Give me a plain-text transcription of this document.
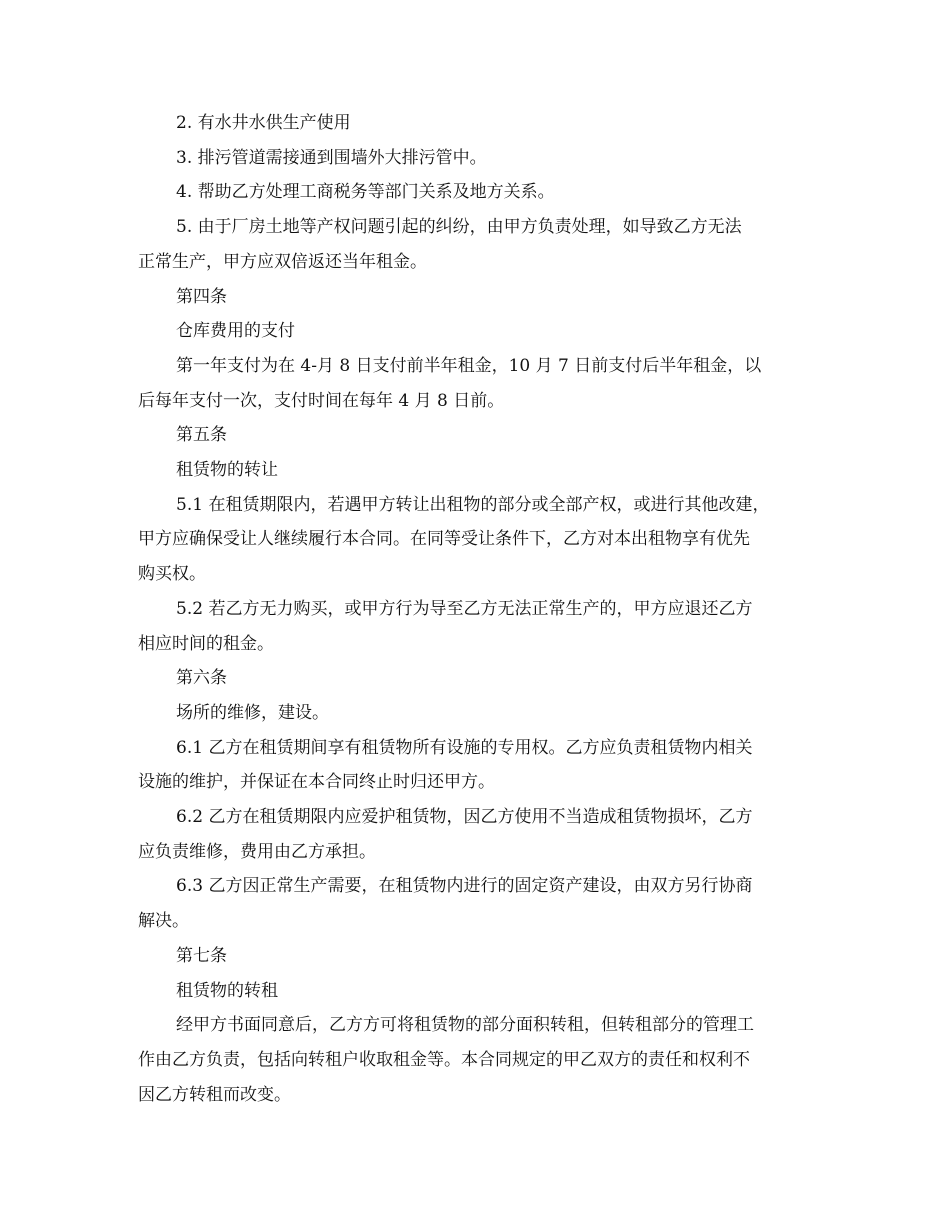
2. 有水井水供生产使用
3. 排污管道需接通到围墙外大排污管中。
4. 帮助乙方处理工商税务等部门关系及地方关系。
5. 由于厂房土地等产权问题引起的纠纷，由甲方负责处理，如导致乙方无法
正常生产，甲方应双倍返还当年租金。
第四条
仓库费用的支付
第一年支付为在 4-月 8 日支付前半年租金，10 月 7 日前支付后半年租金，以
后每年支付一次，支付时间在每年 4 月 8 日前。
第五条
租赁物的转让
5.1 在租赁期限内，若遇甲方转让出租物的部分或全部产权，或进行其他改建，
甲方应确保受让人继续履行本合同。在同等受让条件下，乙方对本出租物享有优先
购买权。
5.2 若乙方无力购买，或甲方行为导至乙方无法正常生产的，甲方应退还乙方
相应时间的租金。
第六条
场所的维修，建设。
6.1 乙方在租赁期间享有租赁物所有设施的专用权。乙方应负责租赁物内相关
设施的维护，并保证在本合同终止时归还甲方。
6.2 乙方在租赁期限内应爱护租赁物，因乙方使用不当造成租赁物损坏，乙方
应负责维修，费用由乙方承担。
6.3 乙方因正常生产需要，在租赁物内进行的固定资产建设，由双方另行协商
解决。
第七条
租赁物的转租
经甲方书面同意后，乙方方可将租赁物的部分面积转租，但转租部分的管理工
作由乙方负责，包括向转租户收取租金等。本合同规定的甲乙双方的责任和权利不
因乙方转租而改变。
